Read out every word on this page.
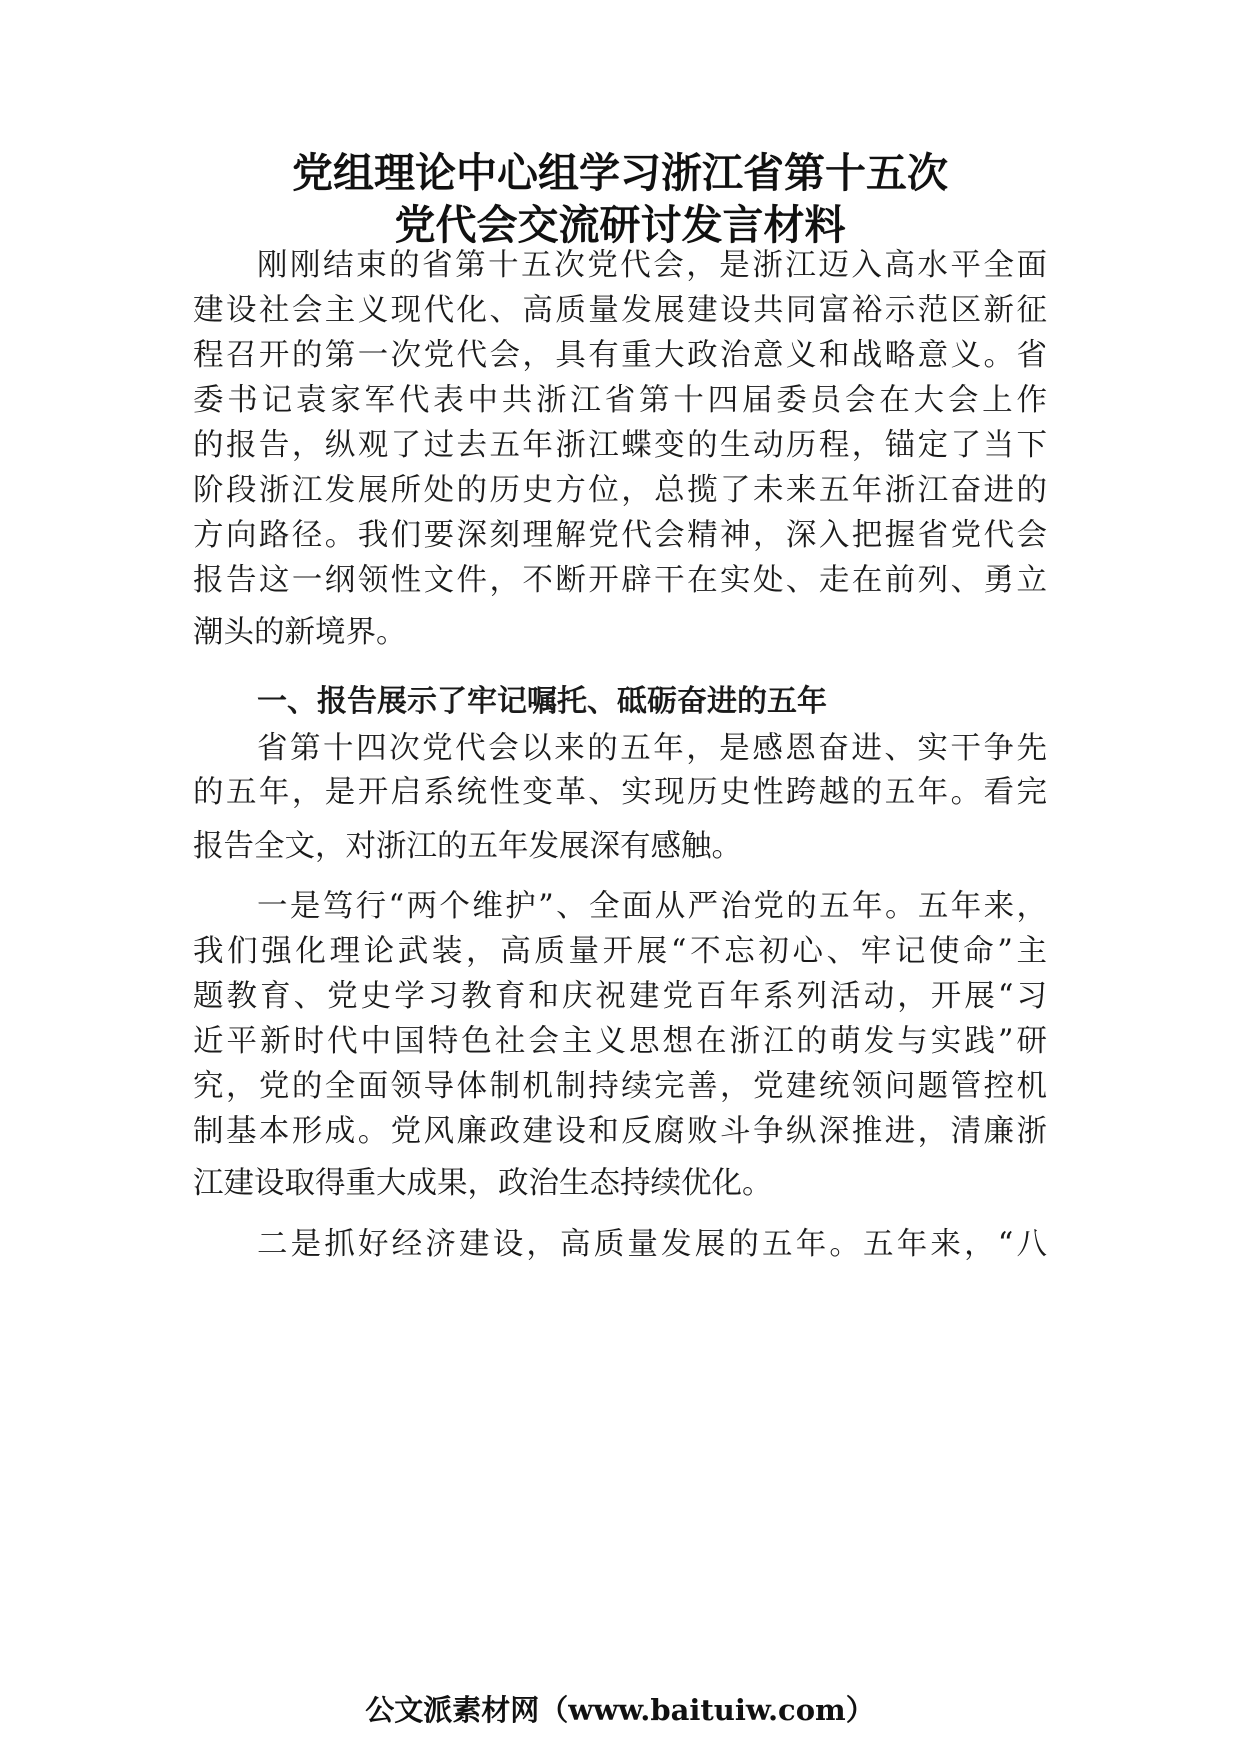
党组理论中心组学习浙江省第十五次
党代会交流研讨发言材料
刚刚结束的省第十五次党代会，是浙江迈入高水平全面
建设社会主义现代化、高质量发展建设共同富裕示范区新征
程召开的第一次党代会，具有重大政治意义和战略意义。省
委书记袁家军代表中共浙江省第十四届委员会在大会上作
的报告，纵观了过去五年浙江蝶变的生动历程，锚定了当下
阶段浙江发展所处的历史方位，总揽了未来五年浙江奋进的
方向路径。我们要深刻理解党代会精神，深入把握省党代会
报告这一纲领性文件，不断开辟干在实处、走在前列、勇立
潮头的新境界。
一、报告展示了牢记嘱托、砥砺奋进的五年
省第十四次党代会以来的五年，是感恩奋进、实干争先
的五年，是开启系统性变革、实现历史性跨越的五年。看完
报告全文，对浙江的五年发展深有感触。
一是笃行“两个维护”、全面从严治党的五年。五年来，
我们强化理论武装，高质量开展“不忘初心、牢记使命”主
题教育、党史学习教育和庆祝建党百年系列活动，开展“习
近平新时代中国特色社会主义思想在浙江的萌发与实践”研
究，党的全面领导体制机制持续完善，党建统领问题管控机
制基本形成。党风廉政建设和反腐败斗争纵深推进，清廉浙
江建设取得重大成果，政治生态持续优化。
二是抓好经济建设，高质量发展的五年。五年来，“八
公文派素材网（www.baituiw.com）
